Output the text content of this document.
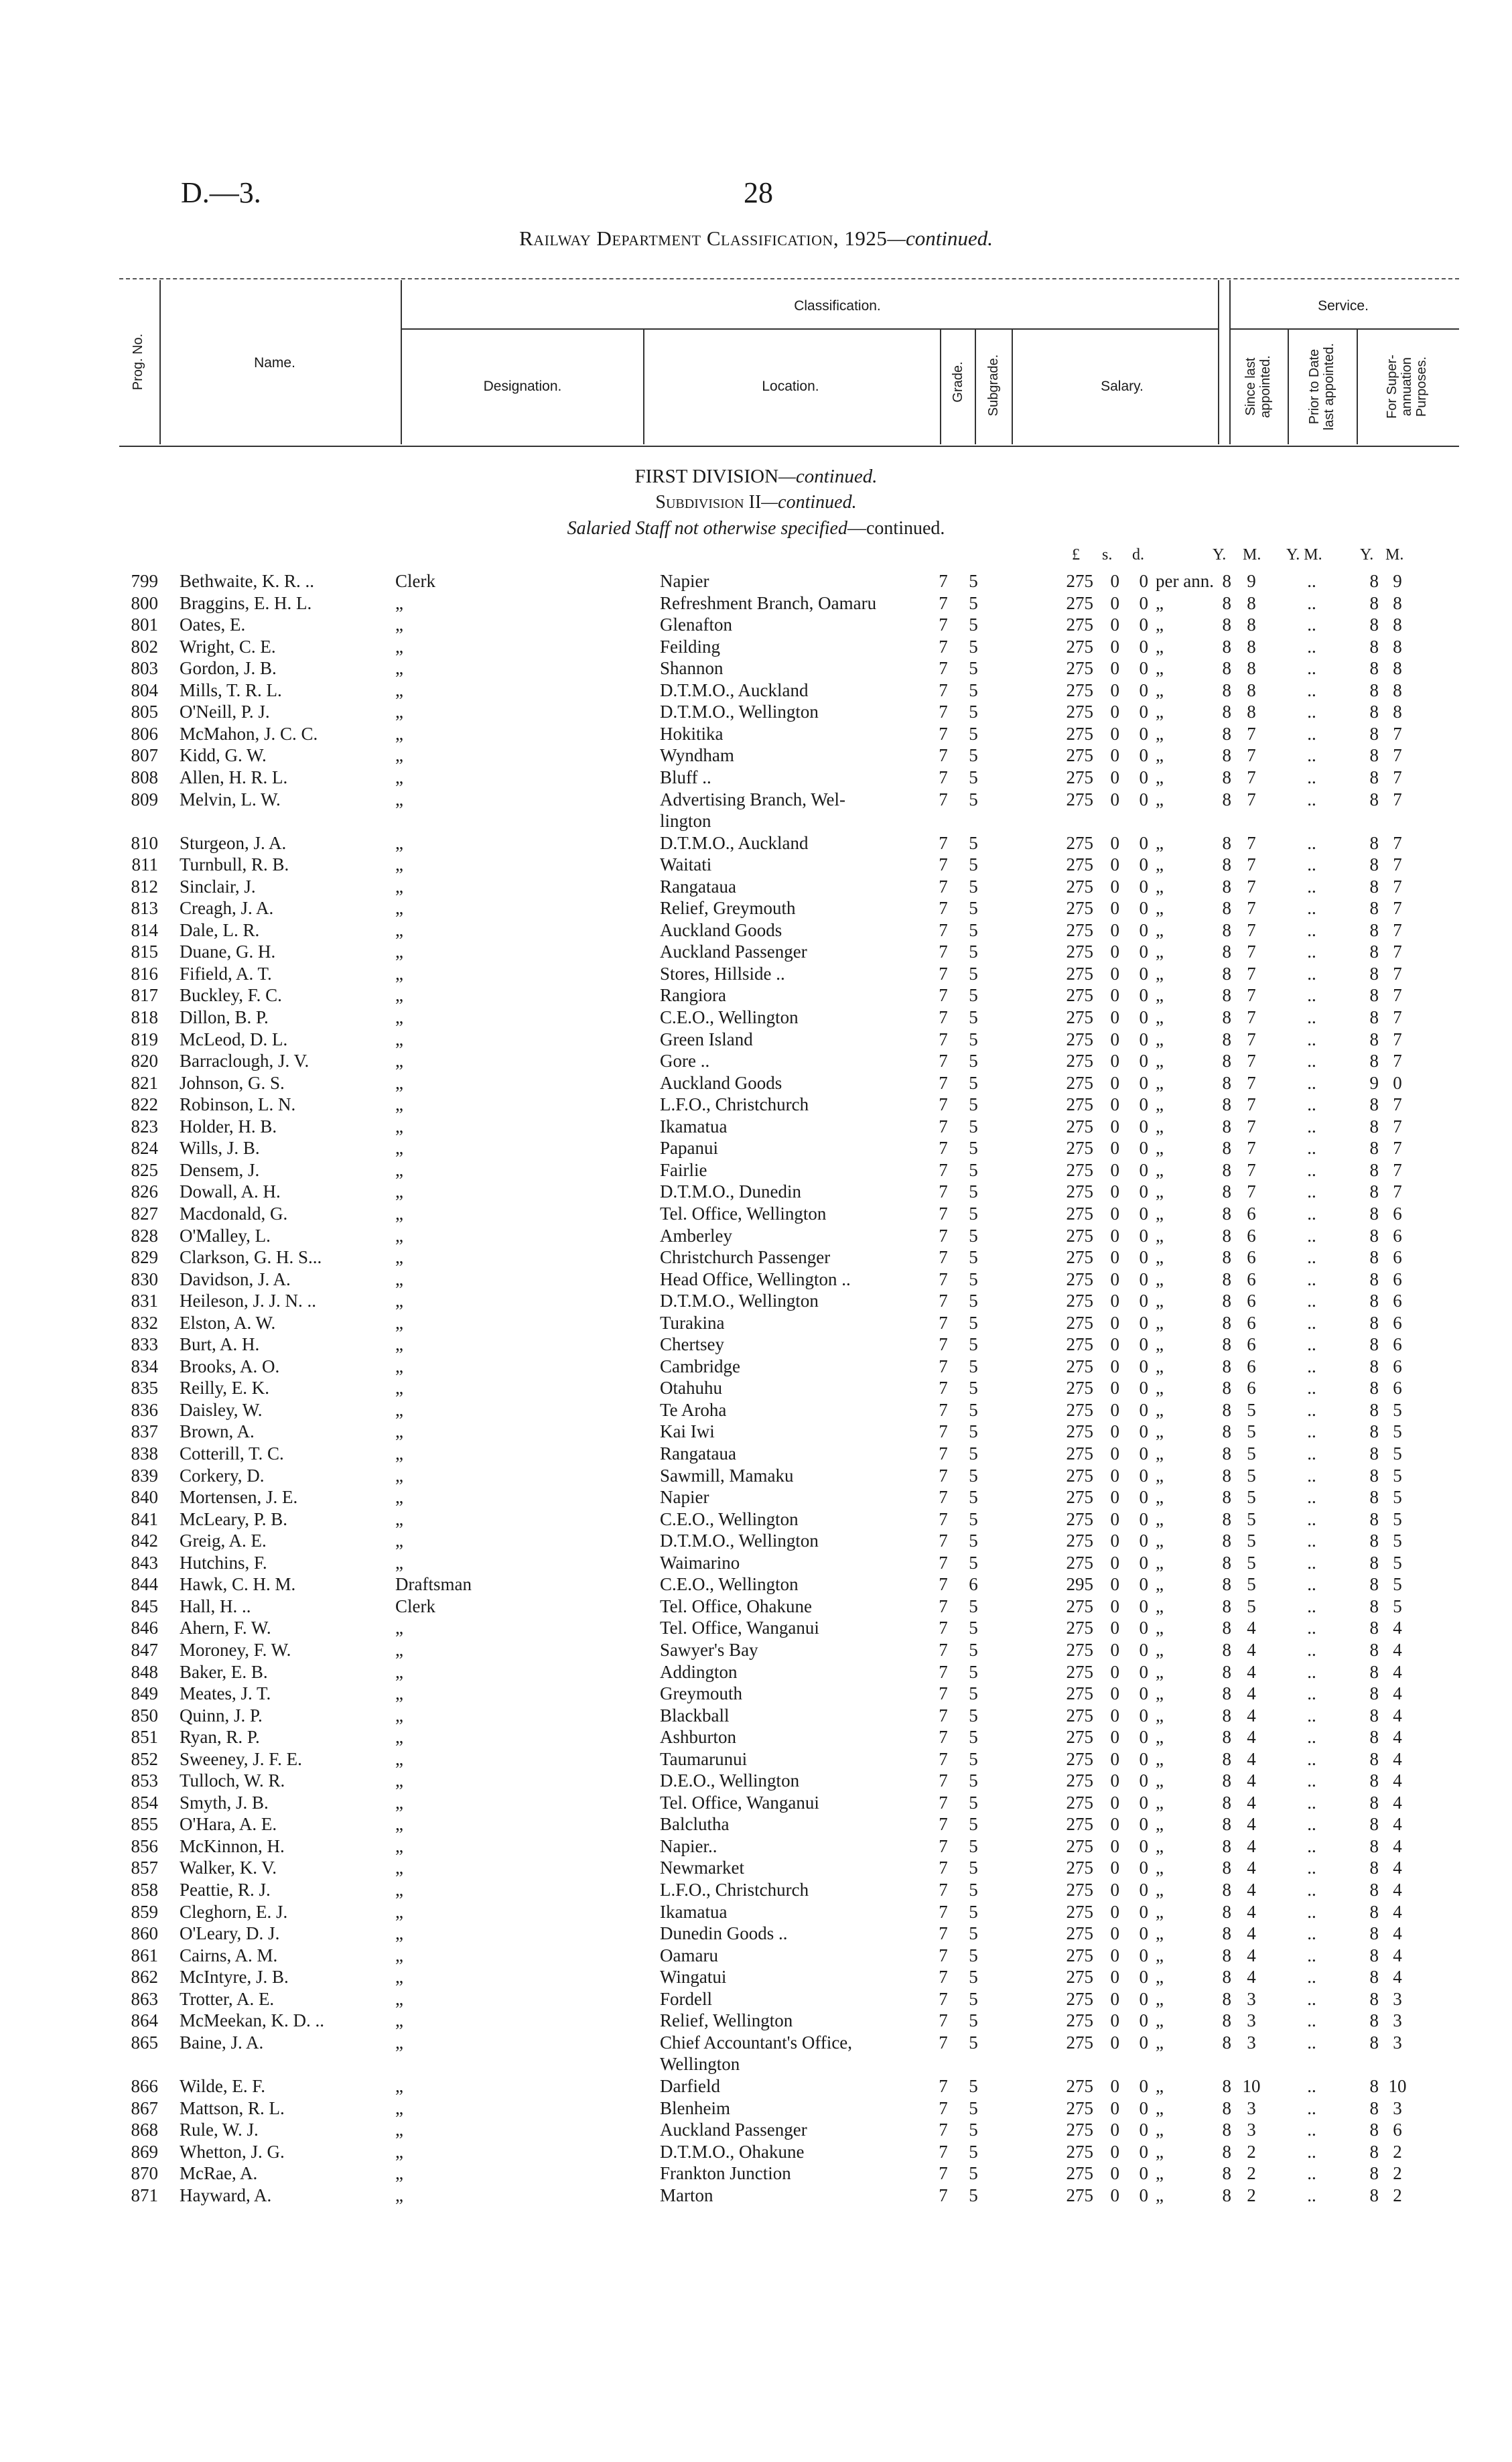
D.—3.	28
Railway Department Classification, 1925—continued.
Prog. No.	Name.
Classification.	Service.
Designation.	Location.	Grade. Subgrade.	Salary.	Since last appointed.	Prior to Date last appointed.	For Super-annuation Purposes.
FIRST DIVISION—continued.
Subdivision II—continued.
Salaried Staff not otherwise specified—continued.
£ s. d.	Y. M. Y. M. Y. M.
799 Bethwaite, K. R. ..	Clerk	Napier	7 5	275 0	0 per ann. 8 9	..	8 9
800 Braggins, E. H. L.	„	Refreshment Branch, Oamaru	7 5	275 0	0 „	8 8	..	8 8
801 Oates, E.	„	Glenafton	7 5	275 0	0 „	8 8	..	8 8
802 Wright, C. E.	„	Feilding	7 5	275 0	0 „	8 8	..	8 8
803 Gordon, J. B.	„	Shannon	7 5	275 0	0 „	8 8	..	8 8
804 Mills, T. R. L.	„	D.T.M.O., Auckland	7 5	275 0	0 „	8 8	..	8 8
805 O'Neill, P. J.	„	D.T.M.O., Wellington	7 5	275 0	0 „	8 8	..	8 8
806 McMahon, J. C. C.	„	Hokitika	7 5	275 0	0 „	8 7	..	8 7
807 Kidd, G. W.	„	Wyndham	7 5	275 0	0 „	8 7	..	8 7
808 Allen, H. R. L.	„	Bluff ..	7 5	275 0	0 „	8 7	..	8 7
809 Melvin, L. W.	„	Advertising Branch, Wel-	7 5	275 0	0 „	8 7	..	8 7
lington
810 Sturgeon, J. A.	„	D.T.M.O., Auckland	7 5	275 0	0 „	8 7	..	8 7
811 Turnbull, R. B.	„	Waitati	7 5	275 0	0 „	8 7	..	8 7
812 Sinclair, J.	„	Rangataua	7 5	275 0	0 „	8 7	..	8 7
813 Creagh, J. A.	„	Relief, Greymouth	7 5	275 0	0 „	8 7	..	8 7
814 Dale, L. R.	„	Auckland Goods	7 5	275 0	0 „	8 7	..	8 7
815 Duane, G. H.	„	Auckland Passenger	7 5	275 0	0 „	8 7	..	8 7
816 Fifield, A. T.	„	Stores, Hillside ..	7 5	275 0	0 „	8 7	..	8 7
817 Buckley, F. C.	„	Rangiora	7 5	275 0	0 „	8 7	..	8 7
818 Dillon, B. P.	„	C.E.O., Wellington	7 5	275 0	0 „	8 7	..	8 7
819 McLeod, D. L.	„	Green Island	7 5	275 0	0 „	8 7	..	8 7
820 Barraclough, J. V.	„	Gore ..	7 5	275 0	0 „	8 7	..	8 7
821 Johnson, G. S.	„	Auckland Goods	7 5	275 0	0 „	8 7	..	9 0
822 Robinson, L. N.	„	L.F.O., Christchurch	7 5	275 0	0 „	8 7	..	8 7
823 Holder, H. B.	„	Ikamatua	7 5	275 0	0 „	8 7	..	8 7
824 Wills, J. B.	„	Papanui	7 5	275 0	0 „	8 7	..	8 7
825 Densem, J.	„	Fairlie	7 5	275 0	0 „	8 7	..	8 7
826 Dowall, A. H.	„	D.T.M.O., Dunedin	7 5	275 0	0 „	8 7	..	8 7
827 Macdonald, G.	„	Tel. Office, Wellington	7 5	275 0	0 „	8 6	..	8 6
828 O'Malley, L.	„	Amberley	7 5	275 0	0 „	8 6	..	8 6
829 Clarkson, G. H. S...	„	Christchurch Passenger	7 5	275 0	0 „	8 6	..	8 6
830 Davidson, J. A.	„	Head Office, Wellington ..	7 5	275 0	0 „	8 6	..	8 6
831 Heileson, J. J. N. ..	„	D.T.M.O., Wellington	7 5	275 0	0 „	8 6	..	8 6
832 Elston, A. W.	„	Turakina	7 5	275 0	0 „	8 6	..	8 6
833 Burt, A. H.	„	Chertsey	7 5	275 0	0 „	8 6	..	8 6
834 Brooks, A. O.	„	Cambridge	7 5	275 0	0 „	8 6	..	8 6
835 Reilly, E. K.	„	Otahuhu	7 5	275 0	0 „	8 6	..	8 6
836 Daisley, W.	„	Te Aroha	7 5	275 0	0 „	8 5	..	8 5
837 Brown, A.	„	Kai Iwi	7 5	275 0	0 „	8 5	..	8 5
838 Cotterill, T. C.	„	Rangataua	7 5	275 0	0 „	8 5	..	8 5
839 Corkery, D.	„	Sawmill, Mamaku	7 5	275 0	0 „	8 5	..	8 5
840 Mortensen, J. E.	„	Napier	7 5	275 0	0 „	8 5	..	8 5
841 McLeary, P. B.	„	C.E.O., Wellington	7 5	275 0	0 „	8 5	..	8 5
842 Greig, A. E.	„	D.T.M.O., Wellington	7 5	275 0	0 „	8 5	..	8 5
843 Hutchins, F.	„	Waimarino	7 5	275 0	0 „	8 5	..	8 5
844 Hawk, C. H. M.	Draftsman	C.E.O., Wellington	7 6	295 0	0 „	8 5	..	8 5
845 Hall, H. ..	Clerk	Tel. Office, Ohakune	7 5	275 0	0 „	8 5	..	8 5
846 Ahern, F. W.	„	Tel. Office, Wanganui	7 5	275 0	0 „	8 4	..	8 4
847 Moroney, F. W.	„	Sawyer's Bay	7 5	275 0	0 „	8 4	..	8 4
848 Baker, E. B.	„	Addington	7 5	275 0	0 „	8 4	..	8 4
849 Meates, J. T.	„	Greymouth	7 5	275 0	0 „	8 4	..	8 4
850 Quinn, J. P.	„	Blackball	7 5	275 0	0 „	8 4	..	8 4
851 Ryan, R. P.	„	Ashburton	7 5	275 0	0 „	8 4	..	8 4
852 Sweeney, J. F. E.	„	Taumarunui	7 5	275 0	0 „	8 4	..	8 4
853 Tulloch, W. R.	„	D.E.O., Wellington	7 5	275 0	0 „	8 4	..	8 4
854 Smyth, J. B.	„	Tel. Office, Wanganui	7 5	275 0	0 „	8 4	..	8 4
855 O'Hara, A. E.	„	Balclutha	7 5	275 0	0 „	8 4	..	8 4
856 McKinnon, H.	„	Napier..	7 5	275 0	0 „	8 4	..	8 4
857 Walker, K. V.	„	Newmarket	7 5	275 0	0 „	8 4	..	8 4
858 Peattie, R. J.	„	L.F.O., Christchurch	7 5	275 0	0 „	8 4	..	8 4
859 Cleghorn, E. J.	„	Ikamatua	7 5	275 0	0 „	8 4	..	8 4
860 O'Leary, D. J.	„	Dunedin Goods ..	7 5	275 0	0 „	8 4	..	8 4
861 Cairns, A. M.	„	Oamaru	7 5	275 0	0 „	8 4	..	8 4
862 McIntyre, J. B.	„	Wingatui	7 5	275 0	0 „	8 4	..	8 4
863 Trotter, A. E.	„	Fordell	7 5	275 0	0 „	8 3	..	8 3
864 McMeekan, K. D. ..	„	Relief, Wellington	7 5	275 0	0 „	8 3	..	8 3
865 Baine, J. A.	„	Chief Accountant's Office,	7 5	275 0	0 „	8 3	..	8 3
Wellington
866 Wilde, E. F.	„	Darfield	7 5	275 0	0 „	8 10	..	8 10
867 Mattson, R. L.	„	Blenheim	7 5	275 0	0 „	8 3	..	8 3
868 Rule, W. J.	„	Auckland Passenger	7 5	275 0	0 „	8 3	..	8 6
869 Whetton, J. G.	„	D.T.M.O., Ohakune	7 5	275 0	0 „	8 2	..	8 2
870 McRae, A.	„	Frankton Junction	7 5	275 0	0 „	8 2	..	8 2
871 Hayward, A.	„	Marton	7 5	275 0	0 „	8 2	..	8 2
